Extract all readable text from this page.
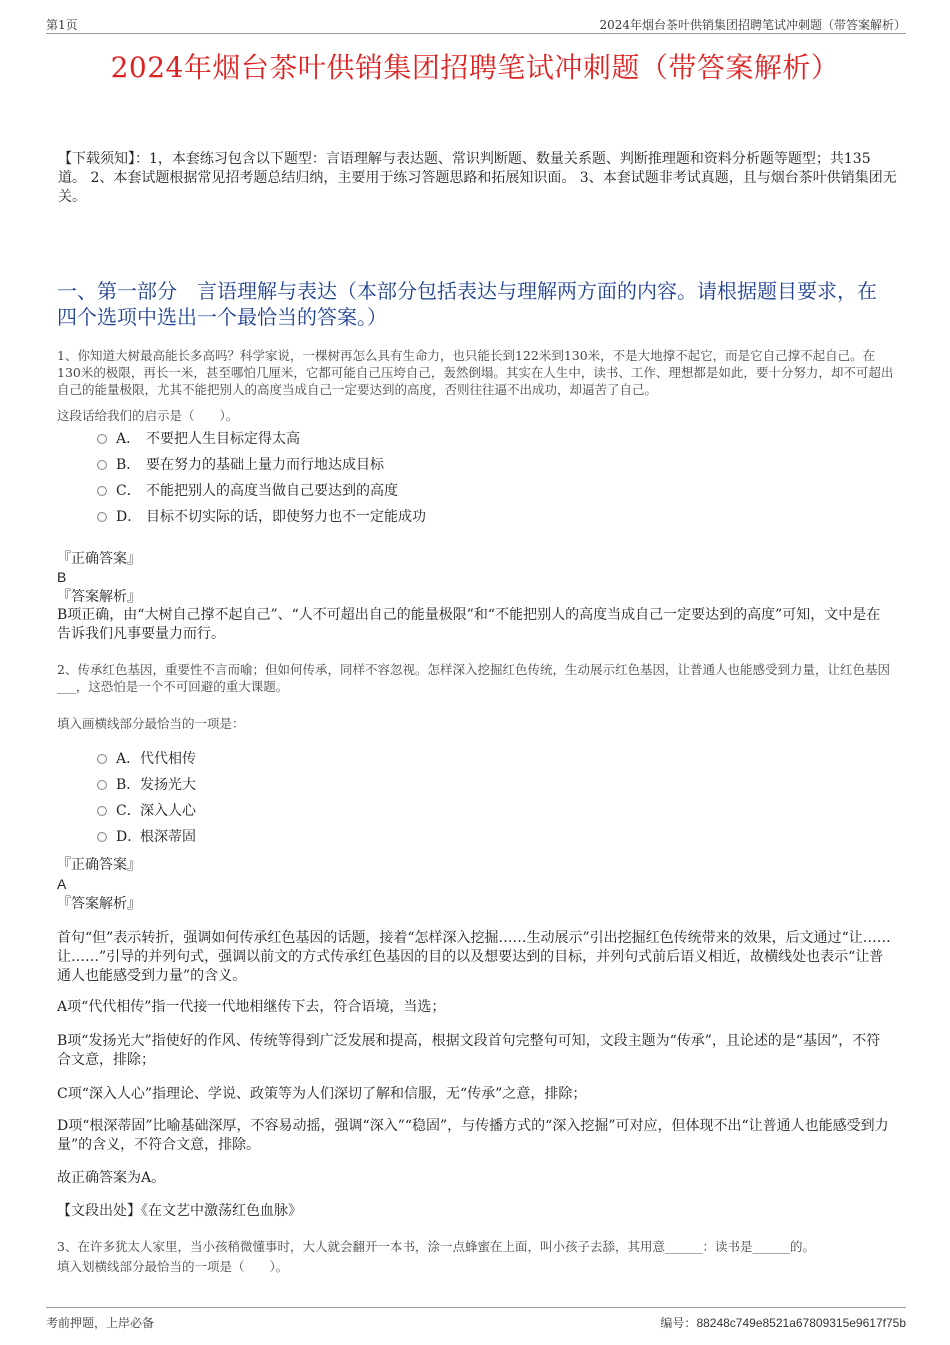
第1页	2024年烟台茶叶供销集团招聘笔试冲刺题（带答案解析）
2024年烟台茶叶供销集团招聘笔试冲刺题（带答案解析）
【下载须知】：1，本套练习包含以下题型：言语理解与表达题、常识判断题、数量关系题、判断推理题和资料分析题等题型；共135道。 2、本套试题根据常见招考题总结归纳，主要用于练习答题思路和拓展知识面。 3、本套试题非考试真题，且与烟台茶叶供销集团无关。
一、第一部分　言语理解与表达（本部分包括表达与理解两方面的内容。请根据题目要求，在四个选项中选出一个最恰当的答案。）
1、你知道大树最高能长多高吗？科学家说，一棵树再怎么具有生命力，也只能长到122米到130米，不是大地撑不起它，而是它自己撑不起自己。在130米的极限，再长一米，甚至哪怕几厘米，它都可能自己压垮自己，轰然倒塌。其实在人生中，读书、工作、理想都是如此，要十分努力，却不可超出自己的能量极限，尤其不能把别人的高度当成自己一定要达到的高度，否则往往逼不出成功，却逼苦了自己。
这段话给我们的启示是（　　）。
A． 不要把人生目标定得太高
B． 要在努力的基础上量力而行地达成目标
C． 不能把别人的高度当做自己要达到的高度
D． 目标不切实际的话，即使努力也不一定能成功
『正确答案』
B
『答案解析』
B项正确，由“大树自己撑不起自己”、“人不可超出自己的能量极限”和“不能把别人的高度当成自己一定要达到的高度”可知，文中是在告诉我们凡事要量力而行。
2、传承红色基因，重要性不言而喻；但如何传承，同样不容忽视。怎样深入挖掘红色传统，生动展示红色基因，让普通人也能感受到力量，让红色基因___，这恐怕是一个不可回避的重大课题。
填入画横线部分最恰当的一项是：
A．代代相传
B．发扬光大
C．深入人心
D．根深蒂固
『正确答案』
A
『答案解析』
首句“但”表示转折，强调如何传承红色基因的话题，接着“怎样深入挖掘……生动展示”引出挖掘红色传统带来的效果，后文通过“让……让……”引导的并列句式，强调以前文的方式传承红色基因的目的以及想要达到的目标，并列句式前后语义相近，故横线处也表示“让普通人也能感受到力量”的含义。
A项“代代相传”指一代接一代地相继传下去，符合语境，当选；
B项“发扬光大”指使好的作风、传统等得到广泛发展和提高，根据文段首句完整句可知，文段主题为“传承”，且论述的是“基因”，不符合文意，排除；
C项“深入人心”指理论、学说、政策等为人们深切了解和信服，无“传承”之意，排除；
D项“根深蒂固”比喻基础深厚，不容易动摇，强调“深入”“稳固”，与传播方式的“深入挖掘”可对应，但体现不出“让普通人也能感受到力量”的含义，不符合文意，排除。
故正确答案为A。
【文段出处】《在文艺中激荡红色血脉》
3、在许多犹太人家里，当小孩稍微懂事时，大人就会翻开一本书，涂一点蜂蜜在上面，叫小孩子去舔，其用意______：读书是______的。
填入划横线部分最恰当的一项是（　　）。
考前押题，上岸必备	编号：88248c749e8521a67809315e9617f75b
